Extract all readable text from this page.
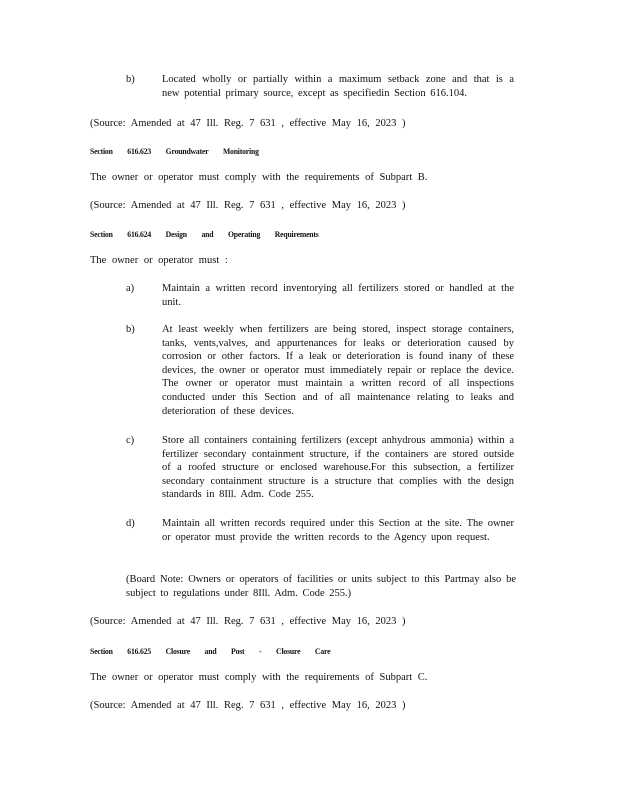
b)	Located wholly or partially within a maximum setback zone and that is a new potential primary source, except as specifiedin Section 616.104.
(Source: Amended at 47 Ill. Reg. 7 631 , effective May 16, 2023 )
Section 616.623 Groundwater Monitoring
The owner or operator must comply with the requirements of Subpart B.
(Source: Amended at 47 Ill. Reg. 7 631 , effective May 16, 2023 )
Section 616.624 Design and Operating Requirements
The owner or operator must :
a)	Maintain a written record inventorying all fertilizers stored or handled at the unit.
b)	At least weekly when fertilizers are being stored, inspect storage containers, tanks, vents,valves, and appurtenances for leaks or deterioration caused by corrosion or other factors. If a leak or deterioration is found inany of these devices, the owner or operator must immediately repair or replace the device. The owner or operator must maintain a written record of all inspections conducted under this Section and of all maintenance relating to leaks and deterioration of these devices.
c)	Store all containers containing fertilizers (except anhydrous ammonia) within a fertilizer secondary containment structure, if the containers are stored outside of a roofed structure or enclosed warehouse.For this subsection, a fertilizer secondary containment structure is a structure that complies with the design standards in 8Ill. Adm. Code 255.
d)	Maintain all written records required under this Section at the site. The owner or operator must provide the written records to the Agency upon request.
(Board Note: Owners or operators of facilities or units subject to this Partmay also be subject to regulations under 8Ill. Adm. Code 255.)
(Source: Amended at 47 Ill. Reg. 7 631 , effective May 16, 2023 )
Section 616.625 Closure and Post - Closure Care
The owner or operator must comply with the requirements of Subpart C.
(Source: Amended at 47 Ill. Reg. 7 631 , effective May 16, 2023 )
